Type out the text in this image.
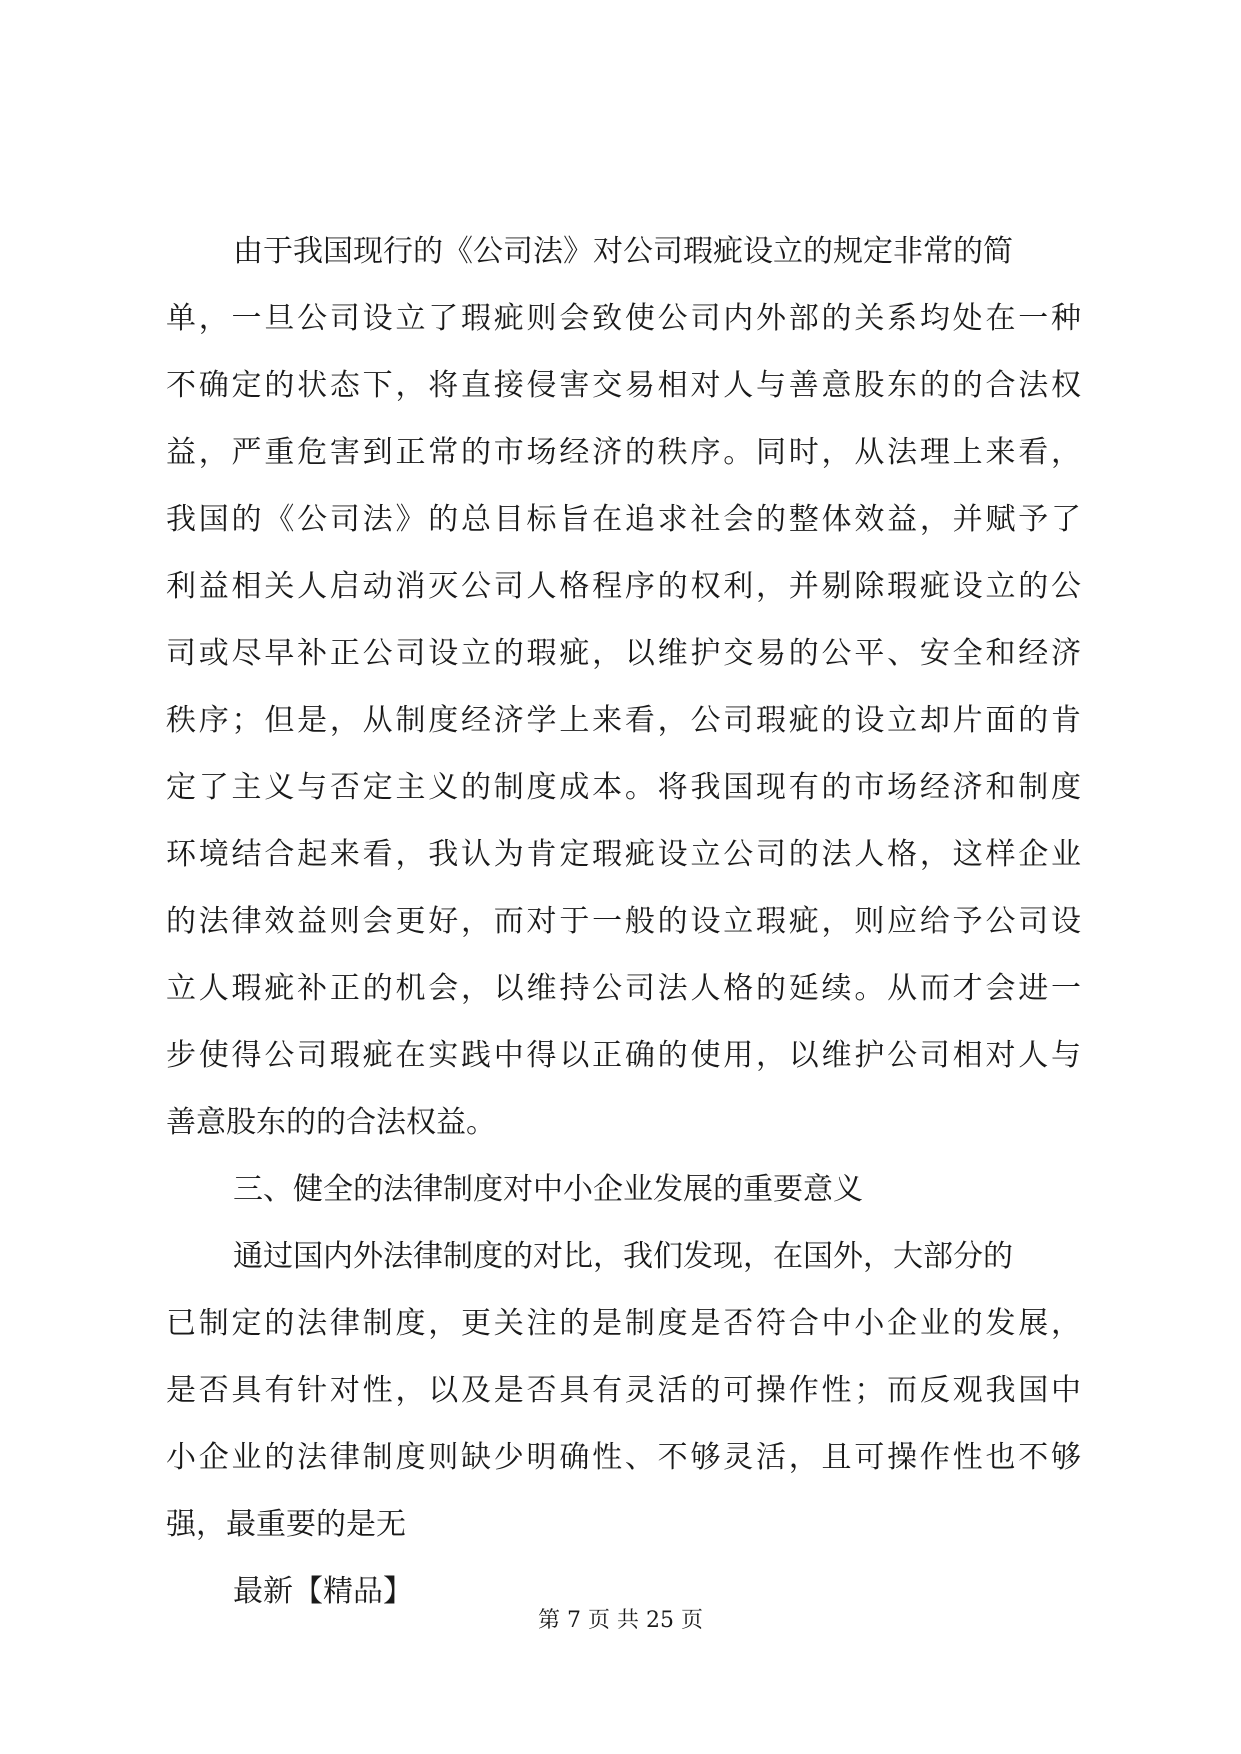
由于我国现行的《公司法》对公司瑕疵设立的规定非常的简
单，一旦公司设立了瑕疵则会致使公司内外部的关系均处在一种
不确定的状态下，将直接侵害交易相对人与善意股东的的合法权
益，严重危害到正常的市场经济的秩序。同时，从法理上来看，
我国的《公司法》的总目标旨在追求社会的整体效益，并赋予了
利益相关人启动消灭公司人格程序的权利，并剔除瑕疵设立的公
司或尽早补正公司设立的瑕疵，以维护交易的公平、安全和经济
秩序；但是，从制度经济学上来看，公司瑕疵的设立却片面的肯
定了主义与否定主义的制度成本。将我国现有的市场经济和制度
环境结合起来看，我认为肯定瑕疵设立公司的法人格，这样企业
的法律效益则会更好，而对于一般的设立瑕疵，则应给予公司设
立人瑕疵补正的机会，以维持公司法人格的延续。从而才会进一
步使得公司瑕疵在实践中得以正确的使用，以维护公司相对人与
善意股东的的合法权益。
三、健全的法律制度对中小企业发展的重要意义
通过国内外法律制度的对比，我们发现，在国外，大部分的
已制定的法律制度，更关注的是制度是否符合中小企业的发展，
是否具有针对性，以及是否具有灵活的可操作性；而反观我国中
小企业的法律制度则缺少明确性、不够灵活，且可操作性也不够
强，最重要的是无
最新【精品】
第 7 页 共 25 页
